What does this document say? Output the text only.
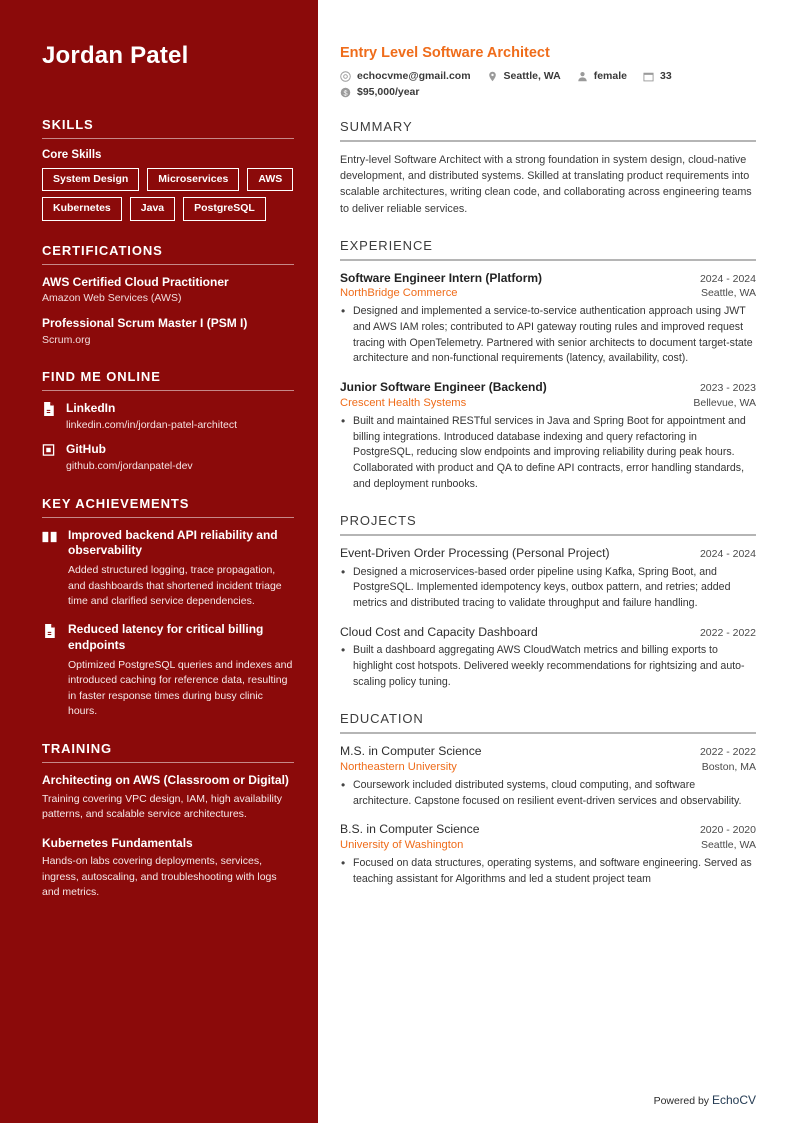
Jordan Patel
SKILLS
Core Skills
System Design	Microservices	AWS
Kubernetes	Java	PostgreSQL
CERTIFICATIONS
AWS Certified Cloud Practitioner
Amazon Web Services (AWS)
Professional Scrum Master I (PSM I)
Scrum.org
FIND ME ONLINE
LinkedIn
linkedin.com/in/jordan-patel-architect
GitHub
github.com/jordanpatel-dev
KEY ACHIEVEMENTS
Improved backend API reliability and observability
Added structured logging, trace propagation, and dashboards that shortened incident triage time and clarified service dependencies.
Reduced latency for critical billing endpoints
Optimized PostgreSQL queries and indexes and introduced caching for reference data, resulting in faster response times during busy clinic hours.
TRAINING
Architecting on AWS (Classroom or Digital)
Training covering VPC design, IAM, high availability patterns, and scalable service architectures.
Kubernetes Fundamentals
Hands-on labs covering deployments, services, ingress, autoscaling, and troubleshooting with logs and metrics.
Entry Level Software Architect
echocvme@gmail.com	Seattle, WA	female	33
$ $95,000/year
SUMMARY

Entry-level Software Architect with a strong foundation in system design, cloud-native development, and distributed systems. Skilled at translating product requirements into scalable architectures, writing clean code, and collaborating across engineering teams to deliver reliable services.

EXPERIENCE
Software Engineer Intern (Platform)	2024 - 2024
NorthBridge Commerce	Seattle, WA
• Designed and implemented a service-to-service authentication approach using JWT and AWS IAM roles; contributed to API gateway routing rules and improved request tracing with OpenTelemetry. Partnered with senior architects to document target-state architecture and non-functional requirements (latency, availability, cost).
Junior Software Engineer (Backend)	2023 - 2023
Crescent Health Systems	Bellevue, WA
• Built and maintained RESTful services in Java and Spring Boot for appointment and billing integrations. Introduced database indexing and query refactoring in PostgreSQL, reducing slow endpoints and improving reliability during peak hours. Collaborated with product and QA to define API contracts, error handling standards, and deployment runbooks.
PROJECTS
Event-Driven Order Processing (Personal Project)	2024 - 2024
• Designed a microservices-based order pipeline using Kafka, Spring Boot, and PostgreSQL. Implemented idempotency keys, outbox pattern, and retries; added metrics and distributed tracing to validate throughput and failure handling.
Cloud Cost and Capacity Dashboard	2022 - 2022
• Built a dashboard aggregating AWS CloudWatch metrics and billing exports to highlight cost hotspots. Delivered weekly recommendations for rightsizing and auto-scaling policy tuning.
EDUCATION
M.S. in Computer Science	2022 - 2022
Northeastern University	Boston, MA
• Coursework included distributed systems, cloud computing, and software architecture. Capstone focused on resilient event-driven services and observability.
B.S. in Computer Science	2020 - 2020
University of Washington	Seattle, WA
• Focused on data structures, operating systems, and software engineering. Served as teaching assistant for Algorithms and led a student project team
Powered by EchoCV
